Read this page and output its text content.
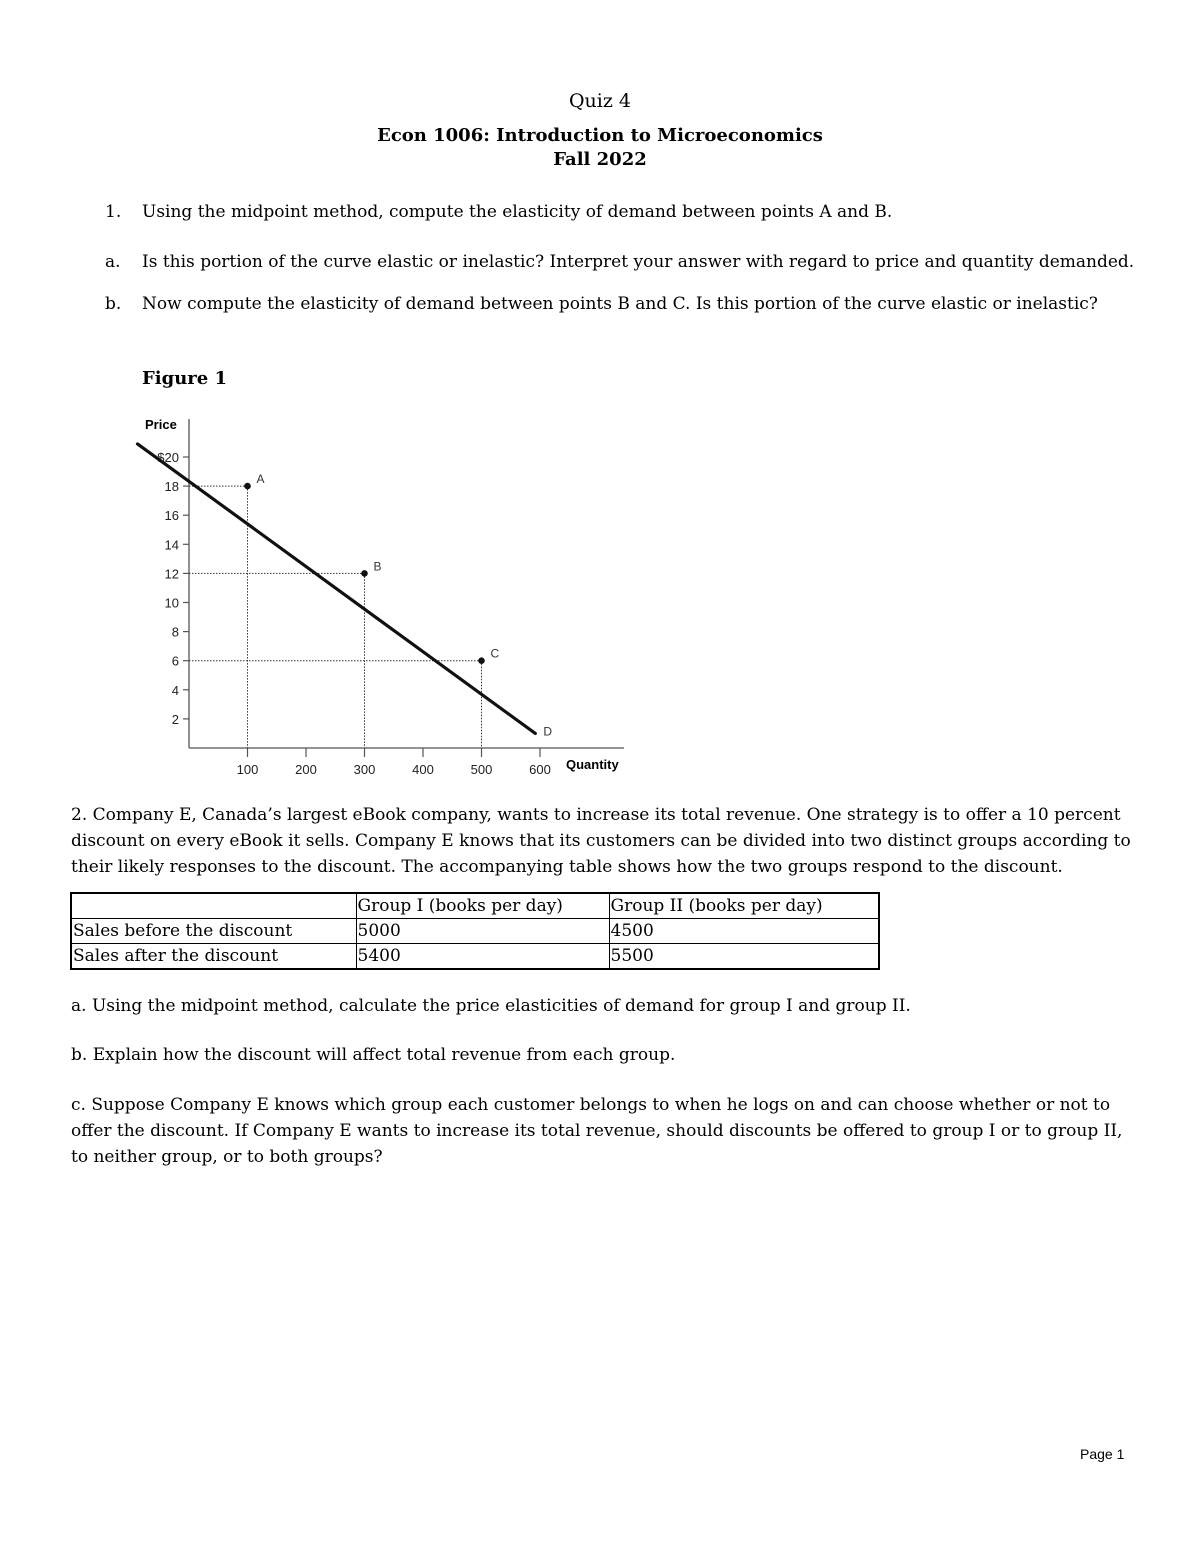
Quiz 4
Econ 1006: Introduction to Microeconomics
Fall 2022
1. Using the midpoint method, compute the elasticity of demand between points A and B.
a. Is this portion of the curve elastic or inelastic? Interpret your answer with regard to price and quantity demanded.
b. Now compute the elasticity of demand between points B and C. Is this portion of the curve elastic or inelastic?
Figure 1
Price
Quantity
2
4
6
8
10
12
14
16
18
$20
100	200	300	400	500	600
A
B
C
D
2. Company E, Canada’s largest eBook company, wants to increase its total revenue. One strategy is to offer a 10 percent discount on every eBook it sells. Company E knows that its customers can be divided into two distinct groups according to their likely responses to the discount. The accompanying table shows how the two groups respond to the discount.
	Group I (books per day)	Group II (books per day)
Sales before the discount	5000	4500
Sales after the discount	5400	5500
a. Using the midpoint method, calculate the price elasticities of demand for group I and group II.
b. Explain how the discount will affect total revenue from each group.
c. Suppose Company E knows which group each customer belongs to when he logs on and can choose whether or not to offer the discount. If Company E wants to increase its total revenue, should discounts be offered to group I or to group II, to neither group, or to both groups?
Page 1
